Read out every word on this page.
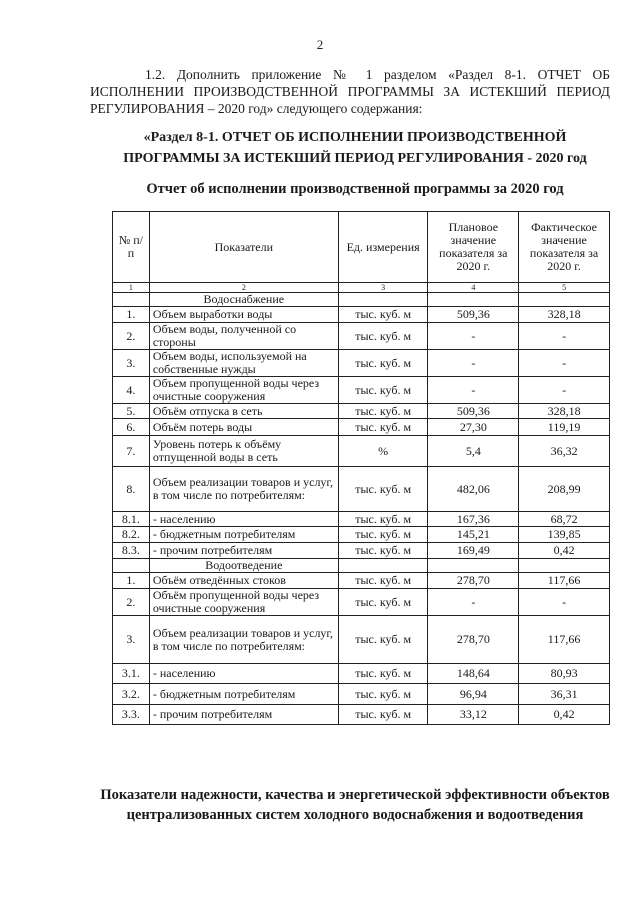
2

1.2. Дополнить приложение № 1 разделом «Раздел 8-1. ОТЧЕТ ОБ ИСПОЛНЕНИИ ПРОИЗВОДСТВЕННОЙ ПРОГРАММЫ ЗА ИСТЕКШИЙ ПЕРИОД РЕГУЛИРОВАНИЯ – 2020 год» следующего содержания:

«Раздел 8-1. ОТЧЕТ ОБ ИСПОЛНЕНИИ ПРОИЗВОДСТВЕННОЙ
ПРОГРАММЫ ЗА ИСТЕКШИЙ ПЕРИОД РЕГУЛИРОВАНИЯ - 2020 год
Отчет об исполнении производственной программы за 2020 год
№ п/п	Показатели	Ед. измерения	Плановое значение показателя за 2020 г.	Фактическое значение показателя за 2020 г.
1	2	3	4	5
	Водоснабжение			
1.	Объем выработки воды	тыс. куб. м	509,36	328,18
2.	Объем воды, полученной со стороны	тыс. куб. м	-	-
3.	Объем воды, используемой на собственные нужды	тыс. куб. м	-	-
4.	Объем пропущенной воды через очистные сооружения	тыс. куб. м	-	-
5.	Объём отпуска в сеть	тыс. куб. м	509,36	328,18
6.	Объём потерь воды	тыс. куб. м	27,30	119,19
7.	Уровень потерь к объёму отпущенной воды в сеть	%	5,4	36,32
8.	Объем реализации товаров и услуг, в том числе по потребителям:	тыс. куб. м	482,06	208,99
8.1.	- населению	тыс. куб. м	167,36	68,72
8.2.	- бюджетным потребителям	тыс. куб. м	145,21	139,85
8.3.	- прочим потребителям	тыс. куб. м	169,49	0,42
	Водоотведение			
1.	Объём отведённых стоков	тыс. куб. м	278,70	117,66
2.	Объём пропущенной воды через очистные сооружения	тыс. куб. м	-	-
3.	Объем реализации товаров и услуг, в том числе по потребителям:	тыс. куб. м	278,70	117,66
3.1.	- населению	тыс. куб. м	148,64	80,93
3.2.	- бюджетным потребителям	тыс. куб. м	96,94	36,31
3.3.	- прочим потребителям	тыс. куб. м	33,12	0,42
Показатели надежности, качества и энергетической эффективности объектов централизованных систем холодного водоснабжения и водоотведения
